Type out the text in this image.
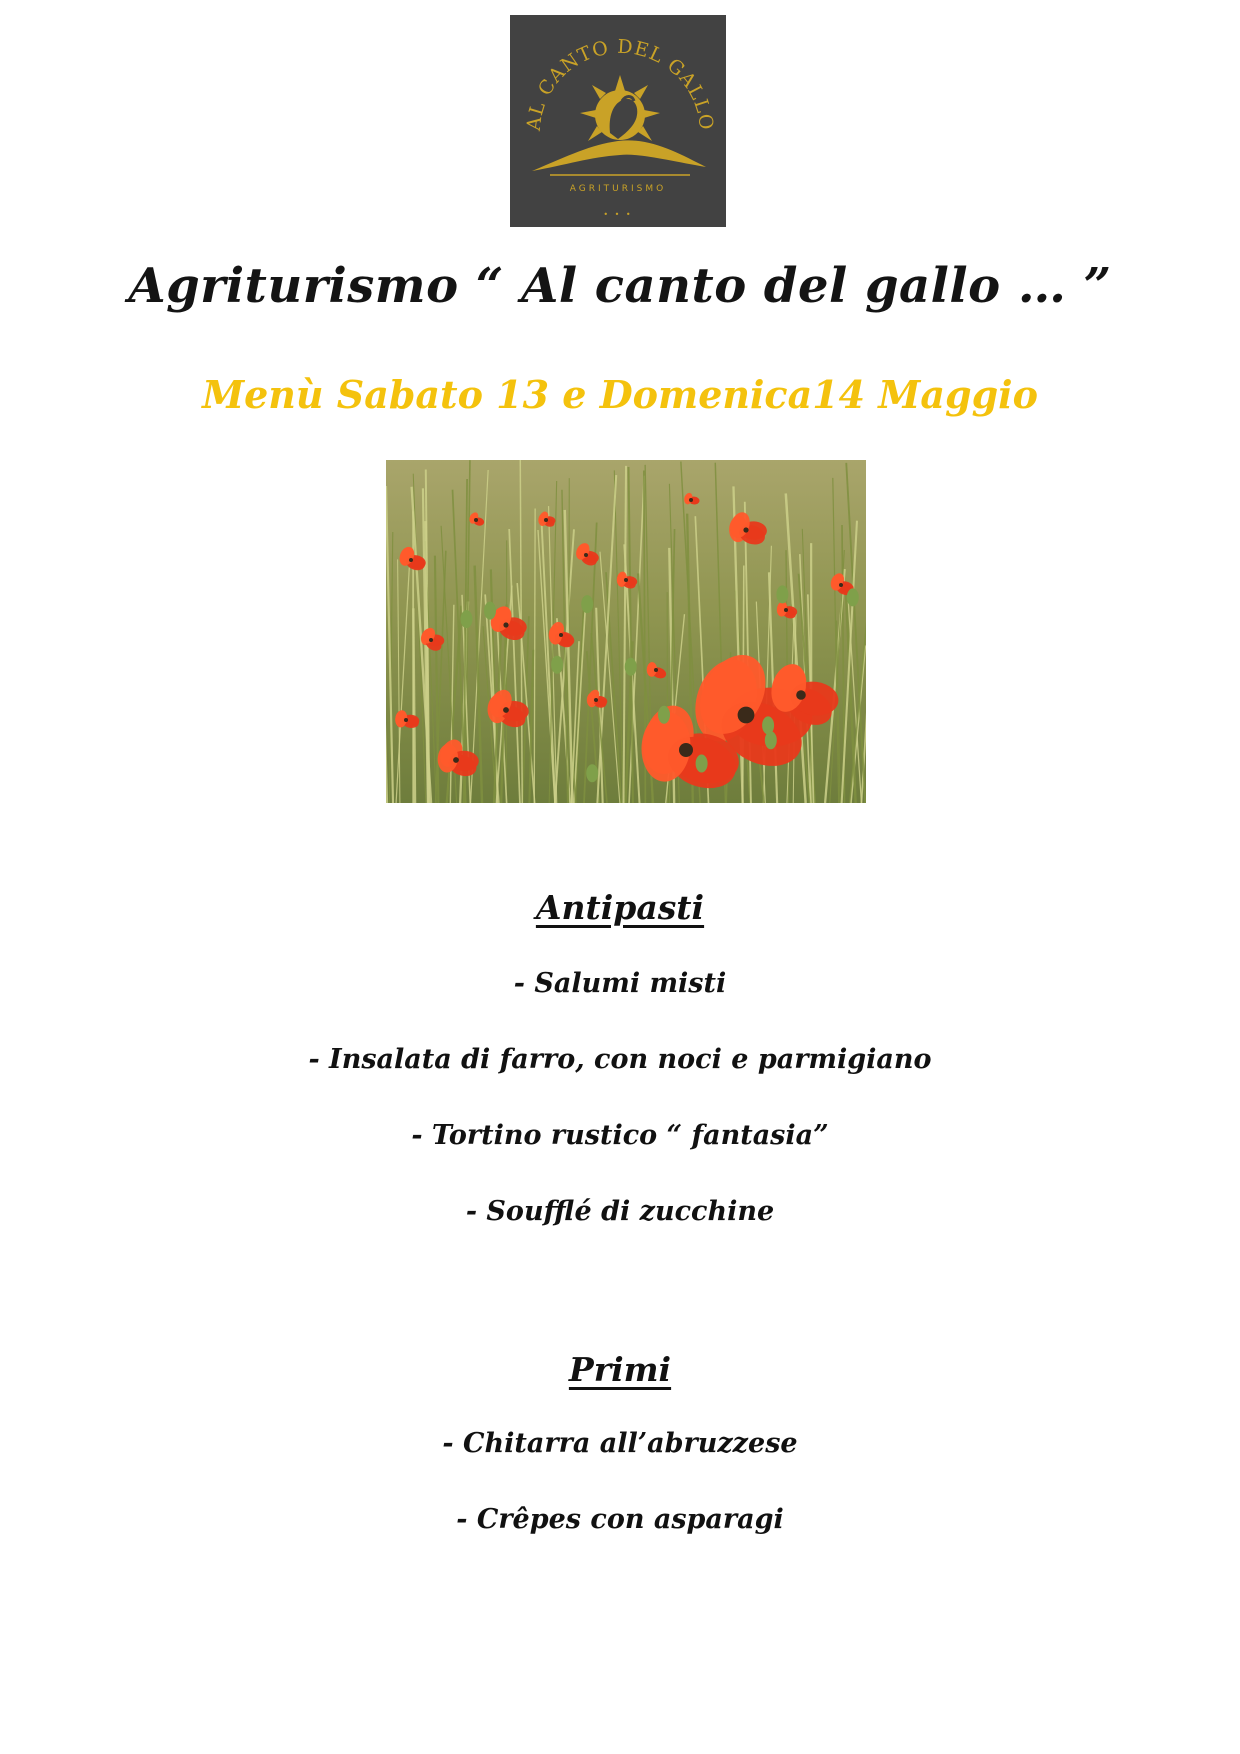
AL CANTO DEL GALLO
AGRITURISMO
• • •
Agriturismo “ Al canto del gallo … ”
Menù Sabato 13 e Domenica14 Maggio
Antipasti
- Salumi misti
- Insalata di farro, con noci e parmigiano
- Tortino rustico “ fantasia”
- Soufflé di zucchine
Primi
- Chitarra all’abruzzese
- Crêpes con asparagi
